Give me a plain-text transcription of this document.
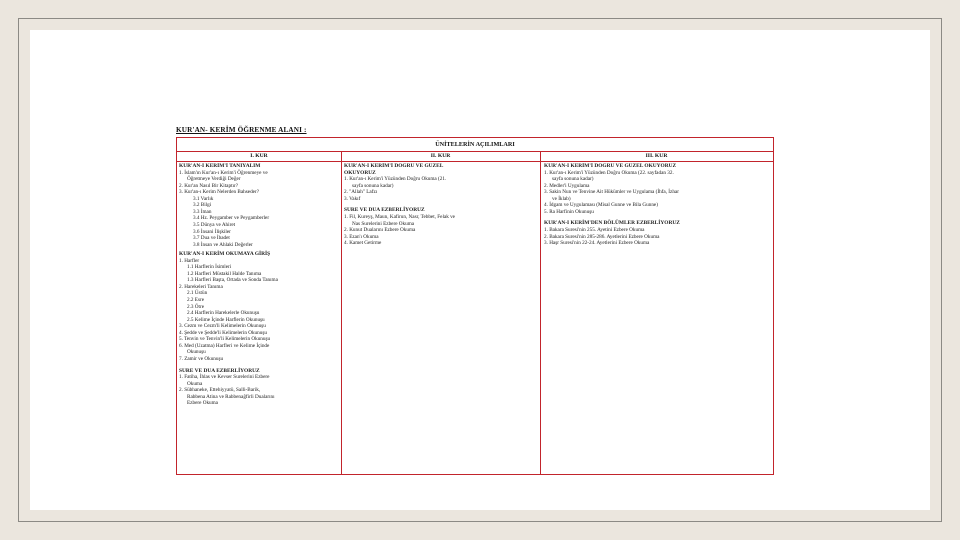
KUR'AN- KERİM ÖĞRENME ALANI :
ÜNİTELERİN AÇILIMLARI
I. KUR	II. KUR	III. KUR
KUR'AN-I KERİM'İ TANIYALIM
1. İslam'ın Kur'an-ı Kerim'i Öğrenmeye ve
Öğretmeye Verdiği Değer
2. Kur'an Nasıl Bir Kitaptır?
3. Kur'an-ı Kerim Nelerden Bahseder?
3.1 Varlık
3.2 Bilgi
3.3 İman
3.4 Hz. Peygamber ve Peygamberler
3.5 Dünya ve Ahiret
3.6 İnsani İlişkiler
3.7 Dua ve İbadet
3.8 İnsan ve Ahlaki Değerler
KUR'AN-I KERİM OKUMAYA GİRİŞ
1. Harfler
1.1 Harflerin İsimleri
1.2 Harfleri Müstakil Halde Tanıma
1.3 Harfleri Başta, Ortada ve Sonda Tanıma
2. Harekeleri Tanıma
2.1 Üstün
2.2 Esre
2.3 Ötre
2.4 Harflerin Harekelerle Okunuşu
2.5 Kelime İçinde Harflerin Okunuşu
3. Cezm ve Cezm'li Kelimelerin Okunuşu
4. Şedde ve Şedde'li Kelimelerin Okunuşu
5. Tenvin ve Tenvin'li Kelimelerin Okunuşu
6. Med (Uzatma) Harfleri ve Kelime İçinde
Okunuşu
7. Zamir ve Okunuşu
SURE VE DUA EZBERLİYORUZ
1. Fatiha, İhlas ve Kevser Surelerini Ezbere
Okuma
2. Sübhaneke, Ettehiyyatü, Salli-Barik,
Rabbena Atina ve Rabbenağfirli Dualarını
Ezbere Okuma
KUR'AN-I KERİM'İ DOĞRU VE GÜZEL
OKUYORUZ
1. Kur'an-ı Kerim'i Yüzünden Doğru Okuma (21.
sayfa sonuna kadar)
2. "Allah" Lafzı
3. Vakıf
SURE VE DUA EZBERLİYORUZ
1. Fil, Kureyş, Maun, Kafirun, Nasr, Tebbet, Felak ve
Nas Surelerini Ezbere Okuma
2. Kunut Dualarını Ezbere Okuma
3. Ezan'ı Okuma
4. Kamet Getirme
KUR'AN-I KERİM'İ DOĞRU VE GÜZEL OKUYORUZ
1. Kur'an-ı Kerim'i Yüzünden Doğru Okuma (22. sayfadan 32.
sayfa sonuna kadar)
2. Medler'i Uygulama
3. Sakin Nun ve Tenvine Ait Hükümler ve Uygulama (İhfa, İzhar
ve İklab)
4. İdgam ve Uygulaması (Misal Gunne ve Bila Gunne)
5. Ra Harfinin Okunuşu
KUR'AN-I KERİM'DEN BÖLÜMLER EZBERLİYORUZ
1. Bakara Suresi'nin 255. Ayetini Ezbere Okuma
2. Bakara Suresi'nin 285-286. Ayetlerini Ezbere Okuma
3. Haşr Suresi'nin 22-24. Ayetlerini Ezbere Okuma
